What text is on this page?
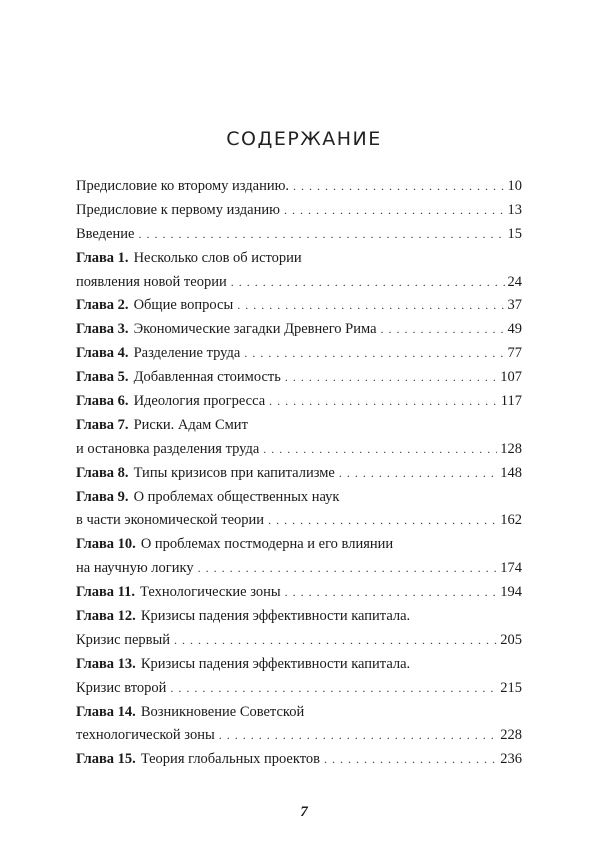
СОДЕРЖАНИЕ
Предисловие ко второму изданию. . . .	10
Предисловие к первому изданию . . .	13
Введение . . .	15
Глава 1. Несколько слов об истории
появления новой теории . . .	24
Глава 2. Общие вопросы . . .	37
Глава 3. Экономические загадки Древнего Рима . . .	49
Глава 4. Разделение труда . . .	77
Глава 5. Добавленная стоимость . . .	107
Глава 6. Идеология прогресса . . .	117
Глава 7. Риски. Адам Смит
и остановка разделения труда . . .	128
Глава 8. Типы кризисов при капитализме . . .	148
Глава 9. О проблемах общественных наук
в части экономической теории . . .	162
Глава 10. О проблемах постмодерна и его влиянии
на научную логику . . .	174
Глава 11. Технологические зоны . . .	194
Глава 12. Кризисы падения эффективности капитала.
Кризис первый . . .	205
Глава 13. Кризисы падения эффективности капитала.
Кризис второй . . .	215
Глава 14. Возникновение Советской
технологической зоны . . .	228
Глава 15. Теория глобальных проектов . . .	236
7
